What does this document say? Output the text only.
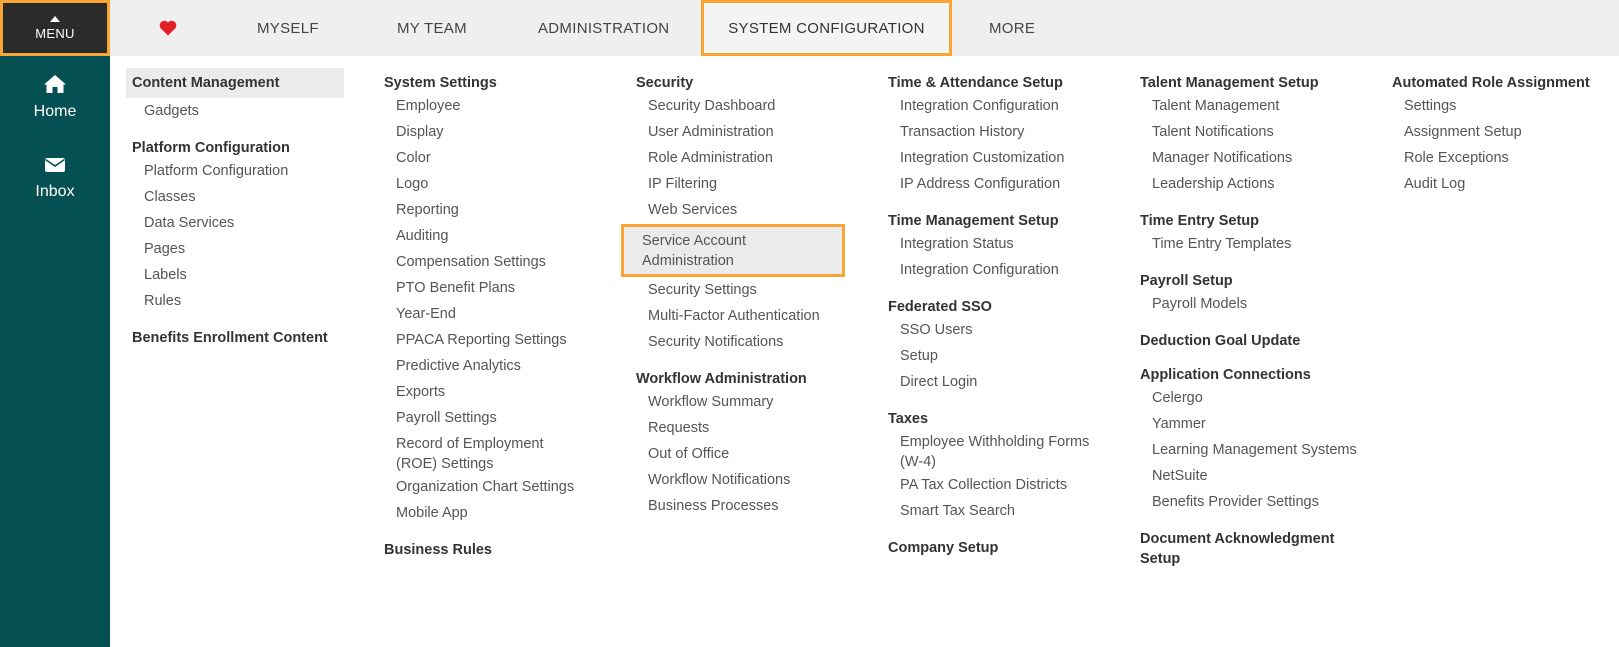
MENU	MYSELF	MY TEAM	ADMINISTRATION	SYSTEM CONFIGURATION	MORE
Home
Inbox
Content Management
Gadgets
Platform Configuration
Platform Configuration
Classes
Data Services
Pages
Labels
Rules
Benefits Enrollment Content
System Settings
Employee
Display
Color
Logo
Reporting
Auditing
Compensation Settings
PTO Benefit Plans
Year-End
PPACA Reporting Settings
Predictive Analytics
Exports
Payroll Settings
Record of Employment (ROE) Settings
Organization Chart Settings
Mobile App
Business Rules
Security
Security Dashboard
User Administration
Role Administration
IP Filtering
Web Services
Service Account Administration
Security Settings
Multi-Factor Authentication
Security Notifications
Workflow Administration
Workflow Summary
Requests
Out of Office
Workflow Notifications
Business Processes
Time & Attendance Setup
Integration Configuration
Transaction History
Integration Customization
IP Address Configuration
Time Management Setup
Integration Status
Integration Configuration
Federated SSO
SSO Users
Setup
Direct Login
Taxes
Employee Withholding Forms (W-4)
PA Tax Collection Districts
Smart Tax Search
Company Setup
Talent Management Setup
Talent Management
Talent Notifications
Manager Notifications
Leadership Actions
Time Entry Setup
Time Entry Templates
Payroll Setup
Payroll Models
Deduction Goal Update
Application Connections
Celergo
Yammer
Learning Management Systems
NetSuite
Benefits Provider Settings
Document Acknowledgment Setup
Automated Role Assignment
Settings
Assignment Setup
Role Exceptions
Audit Log
